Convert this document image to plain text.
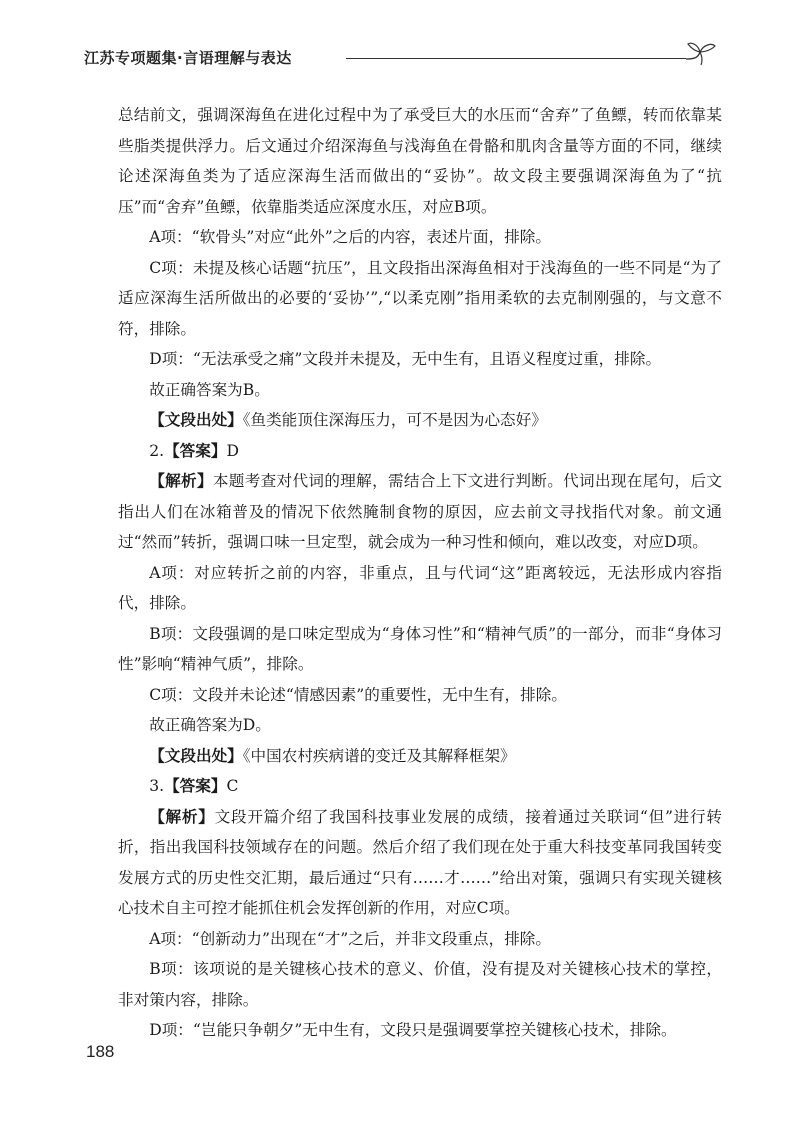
江苏专项题集·言语理解与表达

总结前文，强调深海鱼在进化过程中为了承受巨大的水压而“舍弃”了鱼鳔，转而依靠某些脂类提供浮力。后文通过介绍深海鱼与浅海鱼在骨骼和肌肉含量等方面的不同，继续论述深海鱼类为了适应深海生活而做出的“妥协”。故文段主要强调深海鱼为了“抗压”而“舍弃”鱼鳔，依靠脂类适应深度水压，对应B项。

A项：“软骨头”对应“此外”之后的内容，表述片面，排除。

C项：未提及核心话题“抗压”，且文段指出深海鱼相对于浅海鱼的一些不同是“为了适应深海生活所做出的必要的‘妥协’”,“以柔克刚”指用柔软的去克制刚强的，与文意不符，排除。

D项：“无法承受之痛”文段并未提及，无中生有，且语义程度过重，排除。

故正确答案为B。

【文段出处】《鱼类能顶住深海压力，可不是因为心态好》

2.【答案】D

【解析】本题考查对代词的理解，需结合上下文进行判断。代词出现在尾句，后文指出人们在冰箱普及的情况下依然腌制食物的原因，应去前文寻找指代对象。前文通过“然而”转折，强调口味一旦定型，就会成为一种习性和倾向，难以改变，对应D项。

A项：对应转折之前的内容，非重点，且与代词“这”距离较远，无法形成内容指代，排除。

B项：文段强调的是口味定型成为“身体习性”和“精神气质”的一部分，而非“身体习性”影响“精神气质”，排除。

C项：文段并未论述“情感因素”的重要性，无中生有，排除。

故正确答案为D。

【文段出处】《中国农村疾病谱的变迁及其解释框架》

3.【答案】C

【解析】文段开篇介绍了我国科技事业发展的成绩，接着通过关联词“但”进行转折，指出我国科技领域存在的问题。然后介绍了我们现在处于重大科技变革同我国转变发展方式的历史性交汇期，最后通过“只有……才……”给出对策，强调只有实现关键核心技术自主可控才能抓住机会发挥创新的作用，对应C项。

A项：“创新动力”出现在“才”之后，并非文段重点，排除。

B项：该项说的是关键核心技术的意义、价值，没有提及对关键核心技术的掌控，非对策内容，排除。

D项：“岂能只争朝夕”无中生有，文段只是强调要掌控关键核心技术，排除。

188
